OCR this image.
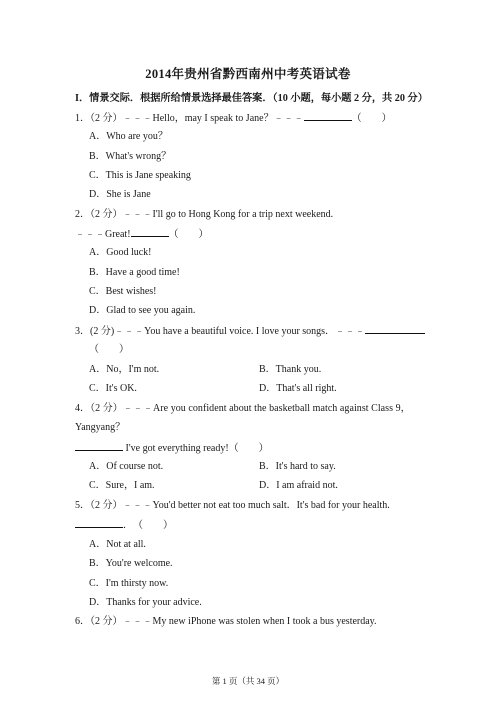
2014年贵州省黔西南州中考英语试卷
I．情景交际．根据所给情景选择最佳答案．（10 小题，每小题 2 分，共 20 分）
1．（2 分）﹣﹣﹣Hello，may I speak to Jane？﹣﹣﹣	（　　）
A．Who are you？
B．What's wrong？
C．This is Jane speaking
D．She is Jane
2．（2 分）﹣﹣﹣I'll go to Hong Kong for a trip next weekend.
﹣﹣﹣Great!	（　　）
A．Good luck!
B．Have a good time!
C．Best wishes!
D．Glad to see you again.
3．(2 分)﹣﹣﹣You have a beautiful voice. I love your songs．﹣﹣﹣
（　　）
A．No，I'm not.	B．Thank you.
C．It's OK.	D．That's all right.
4．（2 分）﹣﹣﹣Are you confident about the basketball match against Class 9，
Yangyang？
I've got everything ready!（　　）
A．Of course not.	B．It's hard to say.
C．Sure，I am.	D．I am afraid not.
5．（2 分）﹣﹣﹣You'd better not eat too much salt．It's bad for your health.
．（　　）
A．Not at all.
B．You're welcome.
C．I'm thirsty now.
D．Thanks for your advice.
6．（2 分）﹣﹣﹣My new iPhone was stolen when I took a bus yesterday.
第 1 页（共 34 页）
